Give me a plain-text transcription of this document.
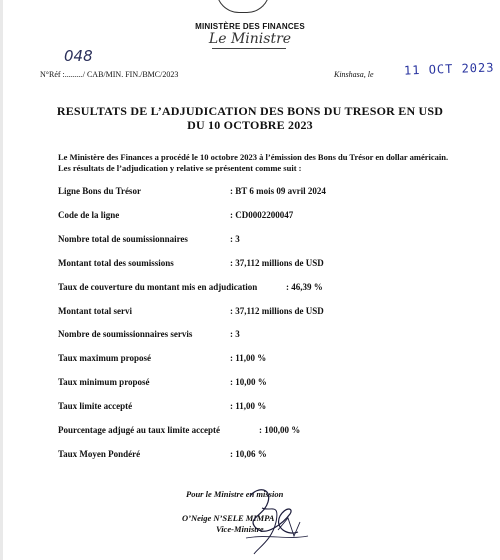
MINISTÈRE DES FINANCES
Le Ministre
048
N°Réf :........./ CAB/MIN. FIN./BMC/2023	Kinshasa, le	11 OCT 2023
RESULTATS DE L’ADJUDICATION DES BONS DU TRESOR EN USD
DU 10 OCTOBRE 2023
Le Ministère des Finances a procédé le 10 octobre 2023 à l’émission des Bons du Trésor en dollar américain. Les résultats de l’adjudication y relative se présentent comme suit :
Ligne Bons du Trésor	: BT 6 mois 09 avril 2024
Code de la ligne	: CD0002200047
Nombre total de soumissionnaires	: 3
Montant total des soumissions	: 37,112 millions de USD
Taux de couverture du montant mis en adjudication	: 46,39 %
Montant total servi	: 37,112 millions de USD
Nombre de soumissionnaires servis	: 3
Taux maximum proposé	: 11,00 %
Taux minimum proposé	: 10,00 %
Taux limite accepté	: 11,00 %
Pourcentage adjugé au taux limite accepté	: 100,00 %
Taux Moyen Pondéré	: 10,06 %
Pour le Ministre en mission
O’Neige N’SELE MIMPA
Vice-Ministre
